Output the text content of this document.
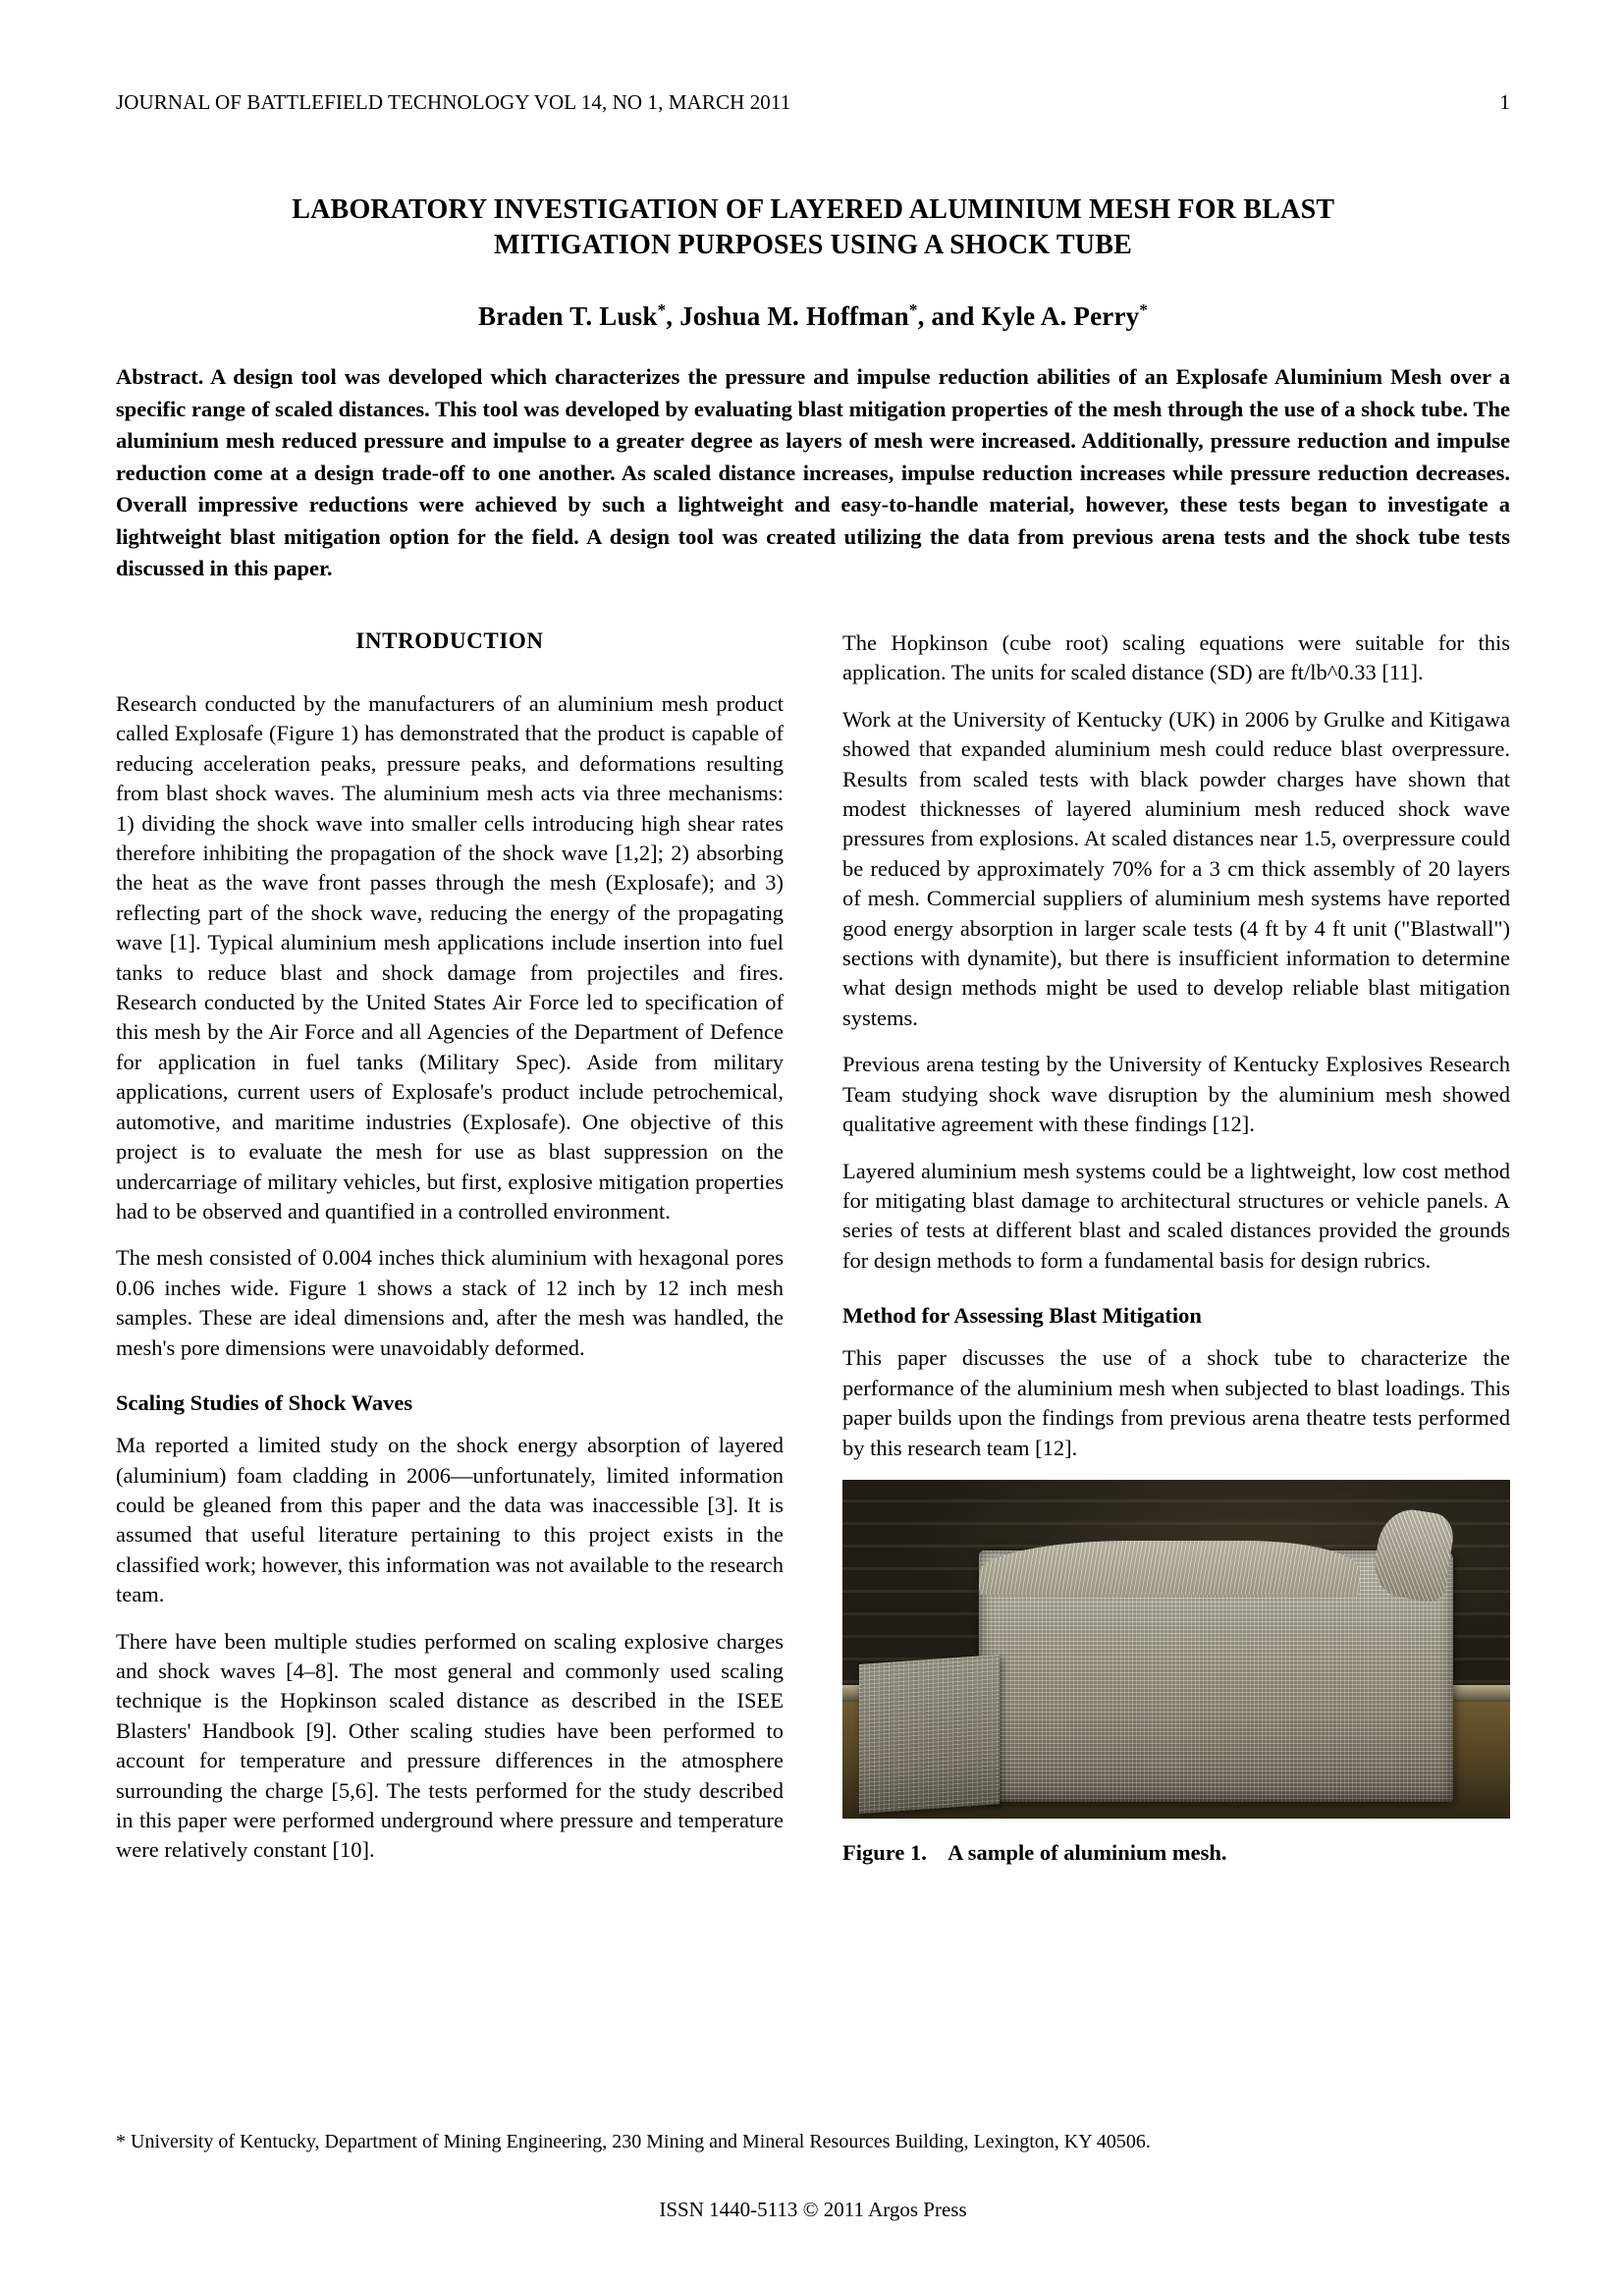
JOURNAL OF BATTLEFIELD TECHNOLOGY VOL 14, NO 1, MARCH 2011	1
LABORATORY INVESTIGATION OF LAYERED ALUMINIUM MESH FOR BLAST MITIGATION PURPOSES USING A SHOCK TUBE
Braden T. Lusk*, Joshua M. Hoffman*, and Kyle A. Perry*
Abstract. A design tool was developed which characterizes the pressure and impulse reduction abilities of an Explosafe Aluminium Mesh over a specific range of scaled distances. This tool was developed by evaluating blast mitigation properties of the mesh through the use of a shock tube. The aluminium mesh reduced pressure and impulse to a greater degree as layers of mesh were increased. Additionally, pressure reduction and impulse reduction come at a design trade-off to one another. As scaled distance increases, impulse reduction increases while pressure reduction decreases. Overall impressive reductions were achieved by such a lightweight and easy-to-handle material, however, these tests began to investigate a lightweight blast mitigation option for the field. A design tool was created utilizing the data from previous arena tests and the shock tube tests discussed in this paper.
INTRODUCTION

Research conducted by the manufacturers of an aluminium mesh product called Explosafe (Figure 1) has demonstrated that the product is capable of reducing acceleration peaks, pressure peaks, and deformations resulting from blast shock waves. The aluminium mesh acts via three mechanisms: 1) dividing the shock wave into smaller cells introducing high shear rates therefore inhibiting the propagation of the shock wave [1,2]; 2) absorbing the heat as the wave front passes through the mesh (Explosafe); and 3) reflecting part of the shock wave, reducing the energy of the propagating wave [1]. Typical aluminium mesh applications include insertion into fuel tanks to reduce blast and shock damage from projectiles and fires. Research conducted by the United States Air Force led to specification of this mesh by the Air Force and all Agencies of the Department of Defence for application in fuel tanks (Military Spec). Aside from military applications, current users of Explosafe's product include petrochemical, automotive, and maritime industries (Explosafe). One objective of this project is to evaluate the mesh for use as blast suppression on the undercarriage of military vehicles, but first, explosive mitigation properties had to be observed and quantified in a controlled environment.

The mesh consisted of 0.004 inches thick aluminium with hexagonal pores 0.06 inches wide. Figure 1 shows a stack of 12 inch by 12 inch mesh samples. These are ideal dimensions and, after the mesh was handled, the mesh's pore dimensions were unavoidably deformed.

Scaling Studies of Shock Waves

Ma reported a limited study on the shock energy absorption of layered (aluminium) foam cladding in 2006—unfortunately, limited information could be gleaned from this paper and the data was inaccessible [3]. It is assumed that useful literature pertaining to this project exists in the classified work; however, this information was not available to the research team.

There have been multiple studies performed on scaling explosive charges and shock waves [4–8]. The most general and commonly used scaling technique is the Hopkinson scaled distance as described in the ISEE Blasters' Handbook [9]. Other scaling studies have been performed to account for temperature and pressure differences in the atmosphere surrounding the charge [5,6]. The tests performed for the study described in this paper were performed underground where pressure and temperature were relatively constant [10].

The Hopkinson (cube root) scaling equations were suitable for this application. The units for scaled distance (SD) are ft/lb^0.33 [11].

Work at the University of Kentucky (UK) in 2006 by Grulke and Kitigawa showed that expanded aluminium mesh could reduce blast overpressure. Results from scaled tests with black powder charges have shown that modest thicknesses of layered aluminium mesh reduced shock wave pressures from explosions. At scaled distances near 1.5, overpressure could be reduced by approximately 70% for a 3 cm thick assembly of 20 layers of mesh. Commercial suppliers of aluminium mesh systems have reported good energy absorption in larger scale tests (4 ft by 4 ft unit ("Blastwall") sections with dynamite), but there is insufficient information to determine what design methods might be used to develop reliable blast mitigation systems.

Previous arena testing by the University of Kentucky Explosives Research Team studying shock wave disruption by the aluminium mesh showed qualitative agreement with these findings [12].

Layered aluminium mesh systems could be a lightweight, low cost method for mitigating blast damage to architectural structures or vehicle panels. A series of tests at different blast and scaled distances provided the grounds for design methods to form a fundamental basis for design rubrics.

Method for Assessing Blast Mitigation

This paper discusses the use of a shock tube to characterize the performance of the aluminium mesh when subjected to blast loadings. This paper builds upon the findings from previous arena theatre tests performed by this research team [12].

Figure 1.    A sample of aluminium mesh.
* University of Kentucky, Department of Mining Engineering, 230 Mining and Mineral Resources Building, Lexington, KY 40506.
ISSN 1440-5113 © 2011 Argos Press
